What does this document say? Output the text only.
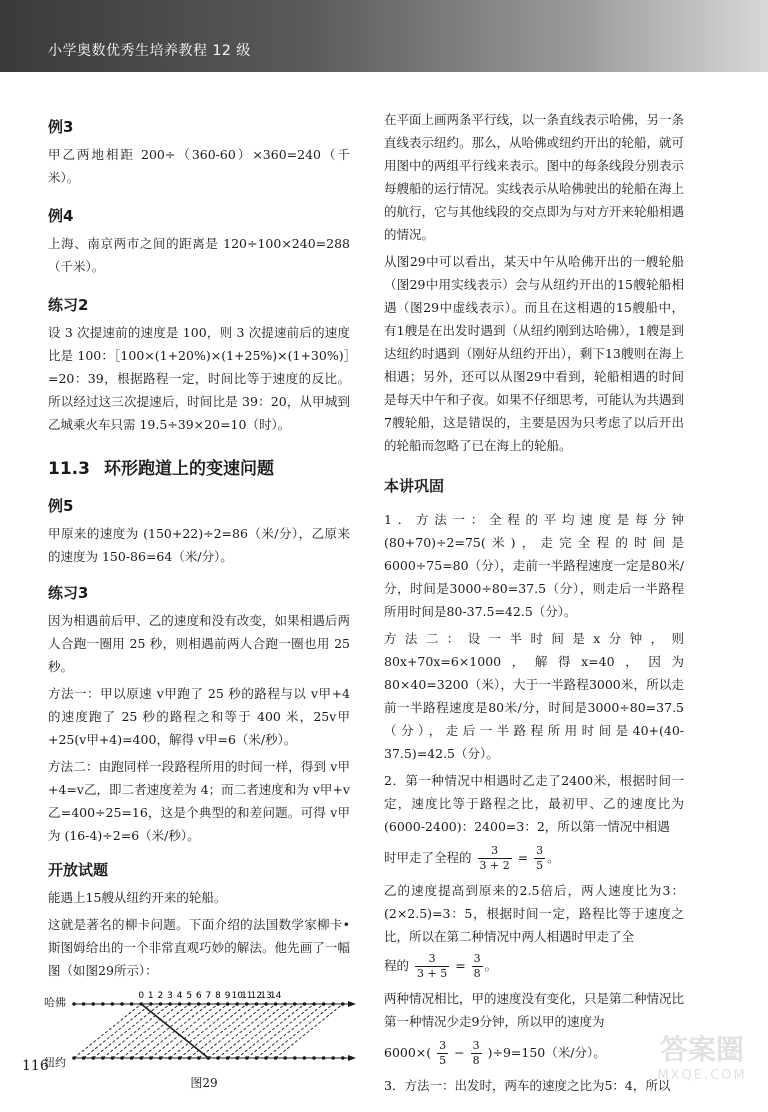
小学奥数优秀生培养教程 12 级
例3

甲乙两地相距 200÷（360-60）×360=240（千米）。

例4

上海、南京两市之间的距离是 120÷100×240=288（千米）。

练习2

设 3 次提速前的速度是 100，则 3 次提速前后的速度比是 100：［100×(1+20%)×(1+25%)×(1+30%)］=20：39，根据路程一定，时间比等于速度的反比。所以经过这三次提速后，时间比是 39：20，从甲城到乙城乘火车只需 19.5÷39×20=10（时）。

11.3 环形跑道上的变速问题
例5

甲原来的速度为 (150+22)÷2=86（米/分），乙原来的速度为 150-86=64（米/分）。

练习3

因为相遇前后甲、乙的速度和没有改变，如果相遇后两人合跑一圈用 25 秒，则相遇前两人合跑一圈也用 25 秒。

方法一：甲以原速 v甲跑了 25 秒的路程与以 v甲+4 的速度跑了 25 秒的路程之和等于 400 米，25v甲+25(v甲+4)=400，解得 v甲=6（米/秒）。

方法二：由跑同样一段路程所用的时间一样，得到 v甲+4=v乙，即二者速度差为 4；而二者速度和为 v甲+v乙=400÷25=16，这是个典型的和差问题。可得 v甲为 (16-4)÷2=6（米/秒）。

开放试题

能遇上15艘从纽约开来的轮船。

这就是著名的柳卡问题。下面介绍的法国数学家柳卡•斯图姆给出的一个非常直观巧妙的解法。他先画了一幅图（如图29所示）：

0 1 2 3 4 5 6 7 8 9 10
11
12
13
14
哈佛
纽约
图29

在平面上画两条平行线，以一条直线表示哈佛，另一条直线表示纽约。那么，从哈佛或纽约开出的轮船，就可用图中的两组平行线来表示。图中的每条线段分别表示每艘船的运行情况。实线表示从哈佛驶出的轮船在海上的航行，它与其他线段的交点即为与对方开来轮船相遇的情况。

从图29中可以看出，某天中午从哈佛开出的一艘轮船（图29中用实线表示）会与从纽约开出的15艘轮船相遇（图29中虚线表示）。而且在这相遇的15艘船中，有1艘是在出发时遇到（从纽约刚到达哈佛），1艘是到达纽约时遇到（刚好从纽约开出），剩下13艘则在海上相遇；另外，还可以从图29中看到，轮船相遇的时间是每天中午和子夜。如果不仔细思考，可能认为共遇到7艘轮船，这是错误的，主要是因为只考虑了以后开出的轮船而忽略了已在海上的轮船。

本讲巩固

1．方法一：全程的平均速度是每分钟 (80+70)÷2=75(米)，走完全程的时间是6000÷75=80（分），走前一半路程速度一定是80米/分，时间是3000÷80=37.5（分），则走后一半路程所用时间是80-37.5=42.5（分）。

方法二：设一半时间是x分钟，则80x+70x=6×1000，解得x=40，因为80×40=3200（米），大于一半路程3000米，所以走前一半路程速度是80米/分，时间是3000÷80=37.5（分），走后一半路程所用时间是40+(40-37.5)=42.5（分）。

2．第一种情况中相遇时乙走了2400米，根据时间一定，速度比等于路程之比，最初甲、乙的速度比为(6000-2400)：2400=3：2，所以第一情况中相遇

时甲走了全程的 $\frac{3}{3 + 2} = \frac{3}{5}$ 。

乙的速度提高到原来的2.5倍后，两人速度比为3：(2×2.5)=3：5，根据时间一定，路程比等于速度之比，所以在第二种情况中两人相遇时甲走了全

程的 $\frac{3}{3 + 5} = \frac{3}{8}$ 。

两种情况相比，甲的速度没有变化，只是第二种情况比第一种情况少走9分钟，所以甲的速度为

$6000\times( \frac{3}{5} - \frac{3}{8} )\div 9=150$（米/分）。

3．方法一：出发时，两车的速度之比为5：4，所以

116	答案圈
MXQE.COM
